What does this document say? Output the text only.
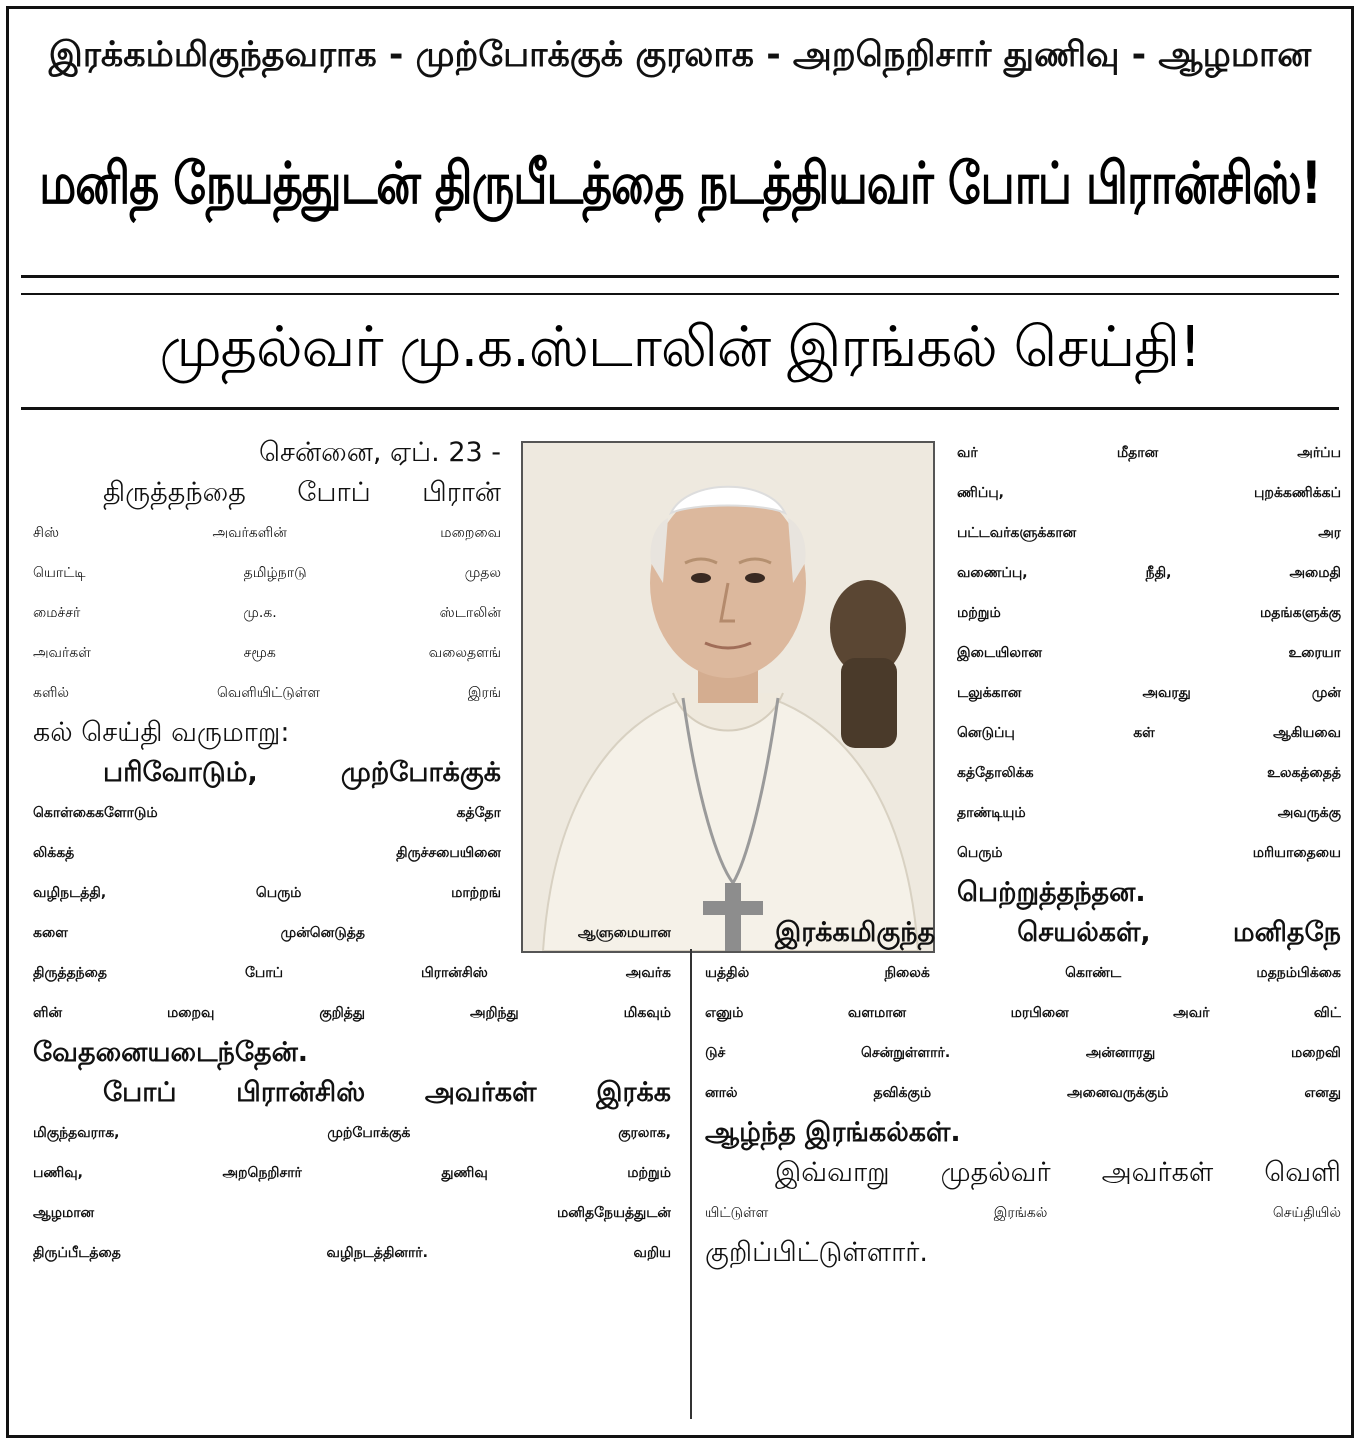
இரக்கம்மிகுந்தவராக - முற்போக்குக் குரலாக - அறநெறிசார் துணிவு - ஆழமான
மனித நேயத்துடன் திருபீடத்தை நடத்தியவர் போப் பிரான்சிஸ்!
முதல்வர் மு.க.ஸ்டாலின் இரங்கல் செய்தி!
சென்னை, ஏப். 23 -
திருத்தந்தை போப் பிரான்
சிஸ் அவர்களின் மறைவை
யொட்டி தமிழ்நாடு முதல
மைச்சர் மு.க. ஸ்டாலின்
அவர்கள் சமூக வலைதளங்
களில் வெளியிட்டுள்ள இரங்
கல் செய்தி வருமாறு:
பரிவோடும், முற்போக்குக்
கொள்கைகளோடும் கத்தோ
லிக்கத் திருச்சபையினை
வழிநடத்தி, பெரும் மாற்றங்
களை முன்னெடுத்த ஆளுமையான
திருத்தந்தை போப் பிரான்சிஸ் அவர்க
ளின் மறைவு குறித்து அறிந்து மிகவும்
வேதனையடைந்தேன்.
போப் பிரான்சிஸ் அவர்கள் இரக்க
மிகுந்தவராக, முற்போக்குக் குரலாக,
பணிவு, அறநெறிசார் துணிவு மற்றும்
ஆழமான மனிதநேயத்துடன்
திருப்பீடத்தை வழிநடத்தினார். வறிய
வர் மீதான அர்ப்ப
ணிப்பு, புறக்கணிக்கப்
பட்டவர்களுக்கான அர
வணைப்பு, நீதி, அமைதி
மற்றும் மதங்களுக்கு
இடையிலான உரையா
டலுக்கான அவரது முன்
னெடுப்பு கள் ஆகியவை
கத்தோலிக்க உலகத்தைத்
தாண்டியும் அவருக்கு
பெரும் மரியாதையை
பெற்றுத்தந்தன.
இரக்கமிகுந்த செயல்கள், மனிதநே
யத்தில் நிலைக் கொண்ட மதநம்பிக்கை
எனும் வளமான மரபினை அவர் விட்
டுச் சென்றுள்ளார். அன்னாரது மறைவி
னால் தவிக்கும் அனைவருக்கும் எனது
ஆழ்ந்த இரங்கல்கள்.
இவ்வாறு முதல்வர் அவர்கள் வெளி
யிட்டுள்ள இரங்கல் செய்தியில்
குறிப்பிட்டுள்ளார்.
